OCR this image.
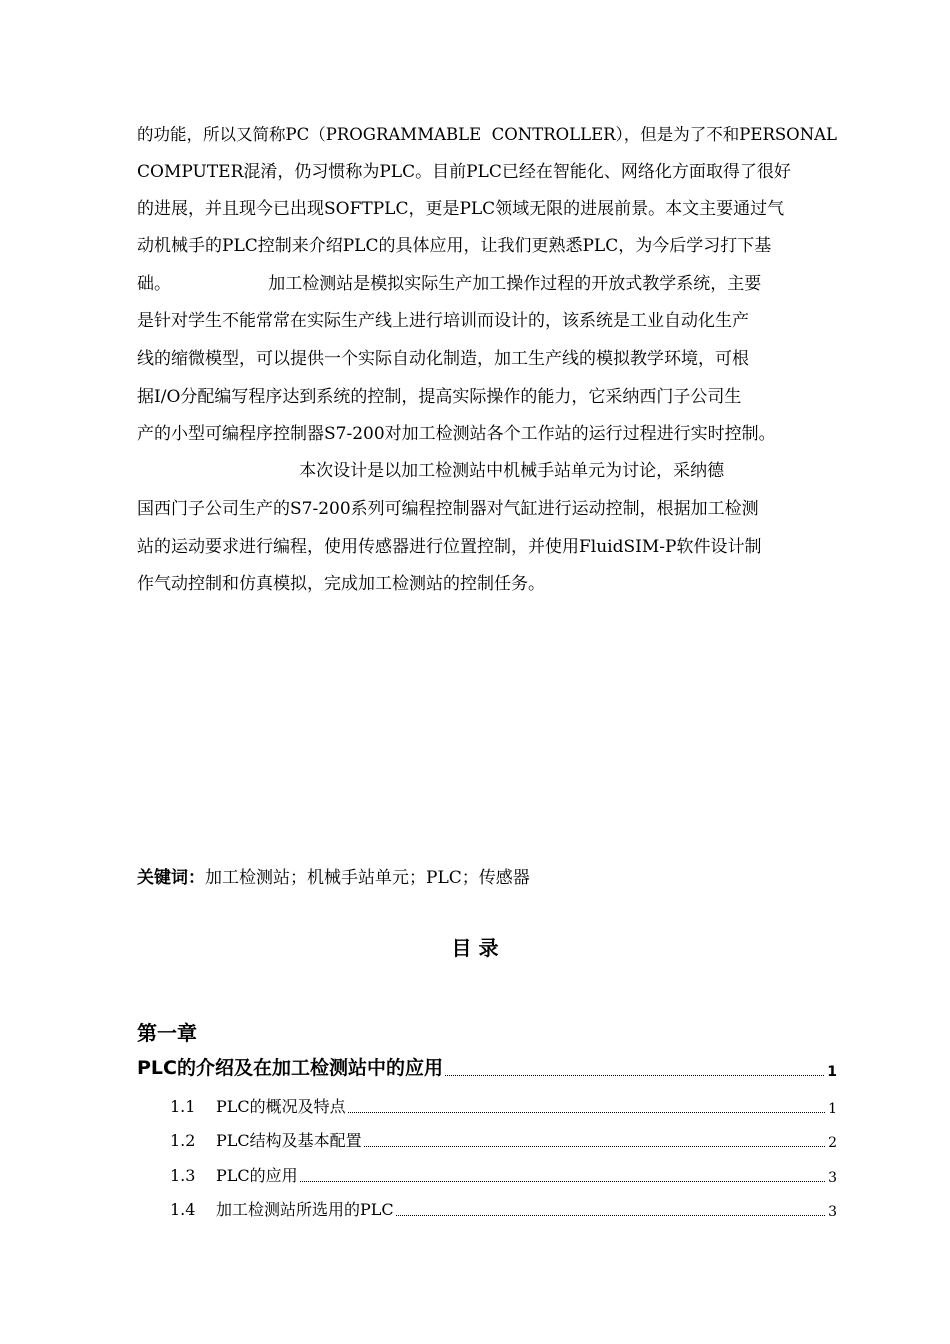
的功能，所以又简称PC（PROGRAMMABLE  CONTROLLER），但是为了不和PERSONAL
COMPUTER混淆，仍习惯称为PLC。目前PLC已经在智能化、网络化方面取得了很好
的进展，并且现今已出现SOFTPLC，更是PLC领域无限的进展前景。本文主要通过气
动机械手的PLC控制来介绍PLC的具体应用，让我们更熟悉PLC，为今后学习打下基
础。                  加工检测站是模拟实际生产加工操作过程的开放式教学系统，主要
是针对学生不能常常在实际生产线上进行培训而设计的，该系统是工业自动化生产
线的缩微模型，可以提供一个实际自动化制造，加工生产线的模拟教学环境，可根
据I/O分配编写程序达到系统的控制，提高实际操作的能力，它采纳西门子公司生
产的小型可编程序控制器S7-200对加工检测站各个工作站的运行过程进行实时控制。
本次设计是以加工检测站中机械手站单元为讨论，采纳德
国西门子公司生产的S7-200系列可编程控制器对气缸进行运动控制，根据加工检测
站的运动要求进行编程，使用传感器进行位置控制，并使用FluidSIM-P软件设计制
作气动控制和仿真模拟，完成加工检测站的控制任务。
关键词：加工检测站；机械手站单元；PLC；传感器
目 录
第一章
PLC的介绍及在加工检测站中的应用	1
1.1 PLC的概况及特点	1
1.2 PLC结构及基本配置	2
1.3 PLC的应用	3
1.4 加工检测站所选用的PLC	3
